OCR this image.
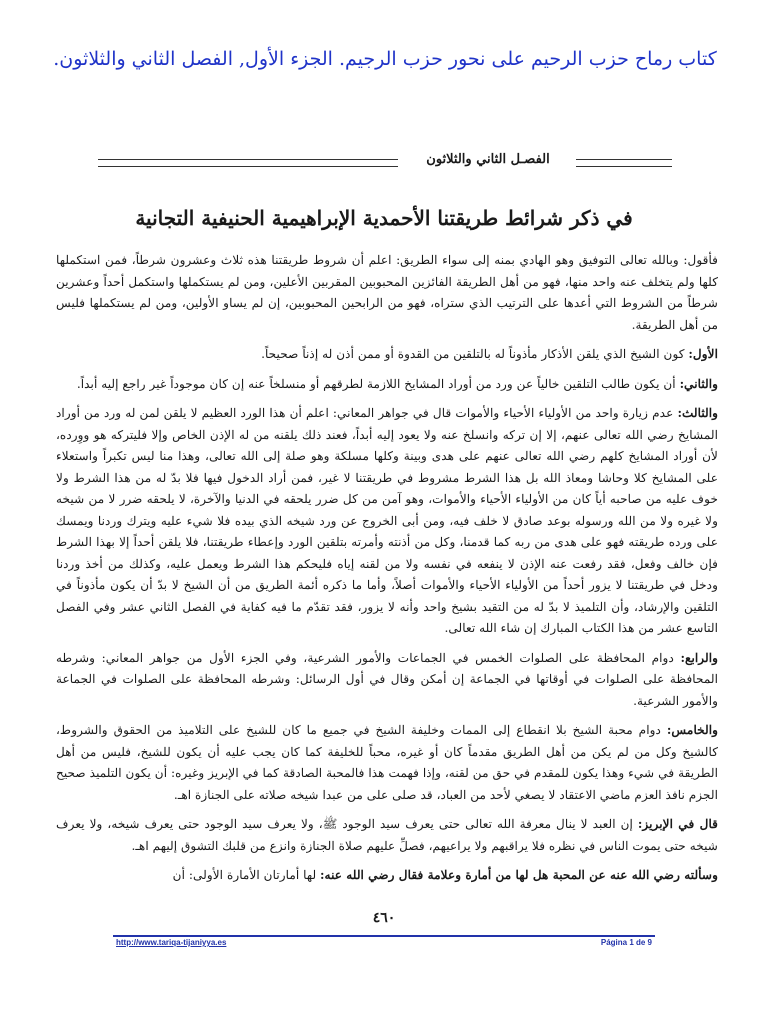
كتاب رماح حزب الرحيم على نحور حزب الرجيم. الجزء الأول, الفصل الثاني والثلاثون.
الفصـل الثاني والثلاثون
في ذكر شرائط طريقتنا الأحمدية الإبراهيمية الحنيفية التجانية

فأقول: وبالله تعالى التوفيق وهو الهادي بمنه إلى سواء الطريق: اعلم أن شروط طريقتنا هذه ثلاث وعشرون شرطاً، فمن استكملها كلها ولم يتخلف عنه واحد منها، فهو من أهل الطريقة الفائزين المحبوبين المقربين الأعلين، ومن لم يستكملها واستكمل أحداً وعشرين شرطاً من الشروط التي أعدها على الترتيب الذي ستراه، فهو من الرابحين المحبوبين، إن لم يساو الأولين، ومن لم يستكملها فليس من أهل الطريقة.

الأول: كون الشيخ الذي يلقن الأذكار مأذوناً له بالتلقين من القدوة أو ممن أذن له إذناً صحيحاً.

والثاني: أن يكون طالب التلقين خالياً عن ورد من أوراد المشايخ اللازمة لطرقهم أو منسلخاً عنه إن كان موجوداً غير راجع إليه أبداً.

والثالث: عدم زيارة واحد من الأولياء الأحياء والأموات قال في جواهر المعاني: اعلم أن هذا الورد العظيم لا يلقن لمن له ورد من أوراد المشايخ رضي الله تعالى عنهم، إلا إن تركه وانسلخ عنه ولا يعود إليه أبداً، فعند ذلك يلقنه من له الإذن الخاص وإلا فليتركه هو ووِرده، لأن أوراد المشايخ كلهم رضي الله تعالى عنهم على هدى وبينة وكلها مسلكة وهو صلة إلى الله تعالى، وهذا منا ليس تكبراً واستعلاء على المشايخ كلا وحاشا ومعاذ الله بل هذا الشرط مشروط في طريقتنا لا غير، فمن أراد الدخول فيها فلا بدّ له من هذا الشرط ولا خوف عليه من صاحبه أياً كان من الأولياء الأحياء والأموات، وهو آمن من كل ضرر يلحقه في الدنيا والآخرة، لا يلحقه ضرر لا من شيخه ولا غيره ولا من الله ورسوله بوعد صادق لا خلف فيه، ومن أبى الخروج عن ورد شيخه الذي بيده فلا شيء عليه ويترك وردنا ويمسك على ورده طريقته فهو على هدى من ربه كما قدمنا، وكل من أذنته وأمرته بتلقين الورد وإعطاء طريقتنا، فلا يلقن أحداً إلا بهذا الشرط فإن خالف وفعل، فقد رفعت عنه الإذن لا ينفعه في نفسه ولا من لقنه إياه فليحكم هذا الشرط ويعمل عليه، وكذلك من أخذ وردنا ودخل في طريقتنا لا يزور أحداً من الأولياء الأحياء والأموات أصلاً، وأما ما ذكره أئمة الطريق من أن الشيخ لا بدّ أن يكون مأذوناً في التلقين والإرشاد، وأن التلميذ لا بدّ له من التقيد بشيخ واحد وأنه لا يزور، فقد تقدّم ما فيه كفاية في الفصل الثاني عشر وفي الفصل التاسع عشر من هذا الكتاب المبارك إن شاء الله تعالى.

والرابع: دوام المحافظة على الصلوات الخمس في الجماعات والأمور الشرعية، وفي الجزء الأول من جواهر المعاني: وشرطه المحافظة على الصلوات في أوقاتها في الجماعة إن أمكن وقال في أول الرسائل: وشرطه المحافظة على الصلوات في الجماعة والأمور الشرعية.

والخامس: دوام محبة الشيخ بلا انقطاع إلى الممات وخليفة الشيخ في جميع ما كان للشيخ على التلاميذ من الحقوق والشروط، كالشيخ وكل من لم يكن من أهل الطريق مقدماً كان أو غيره، محباً للخليفة كما كان يجب عليه أن يكون للشيخ، فليس من أهل الطريقة في شيء وهذا يكون للمقدم في حق من لقنه، وإذا فهمت هذا فالمحبة الصادقة كما في الإبريز وغيره: أن يكون التلميذ صحيح الجزم نافذ العزم ماضي الاعتقاد لا يصغي لأحد من العباد، قد صلى على من عبدا شيخه صلاته على الجنازة اهـ.

قال في الإبريز: إن العبد لا ينال معرفة الله تعالى حتى يعرف سيد الوجود ﷺ، ولا يعرف سيد الوجود حتى يعرف شيخه، ولا يعرف شيخه حتى يموت الناس في نظره فلا يراقبهم ولا يراعيهم، فصلِّ عليهم صلاة الجنازة وانزع من قلبك التشوق إليهم اهـ.

وسألته رضي الله عنه عن المحبة هل لها من أمارة وعلامة فقال رضي الله عنه: لها أمارتان الأمارة الأولى: أن

٤٦٠
http://www.tariqa-tijaniyya.es	Página 1 de 9
